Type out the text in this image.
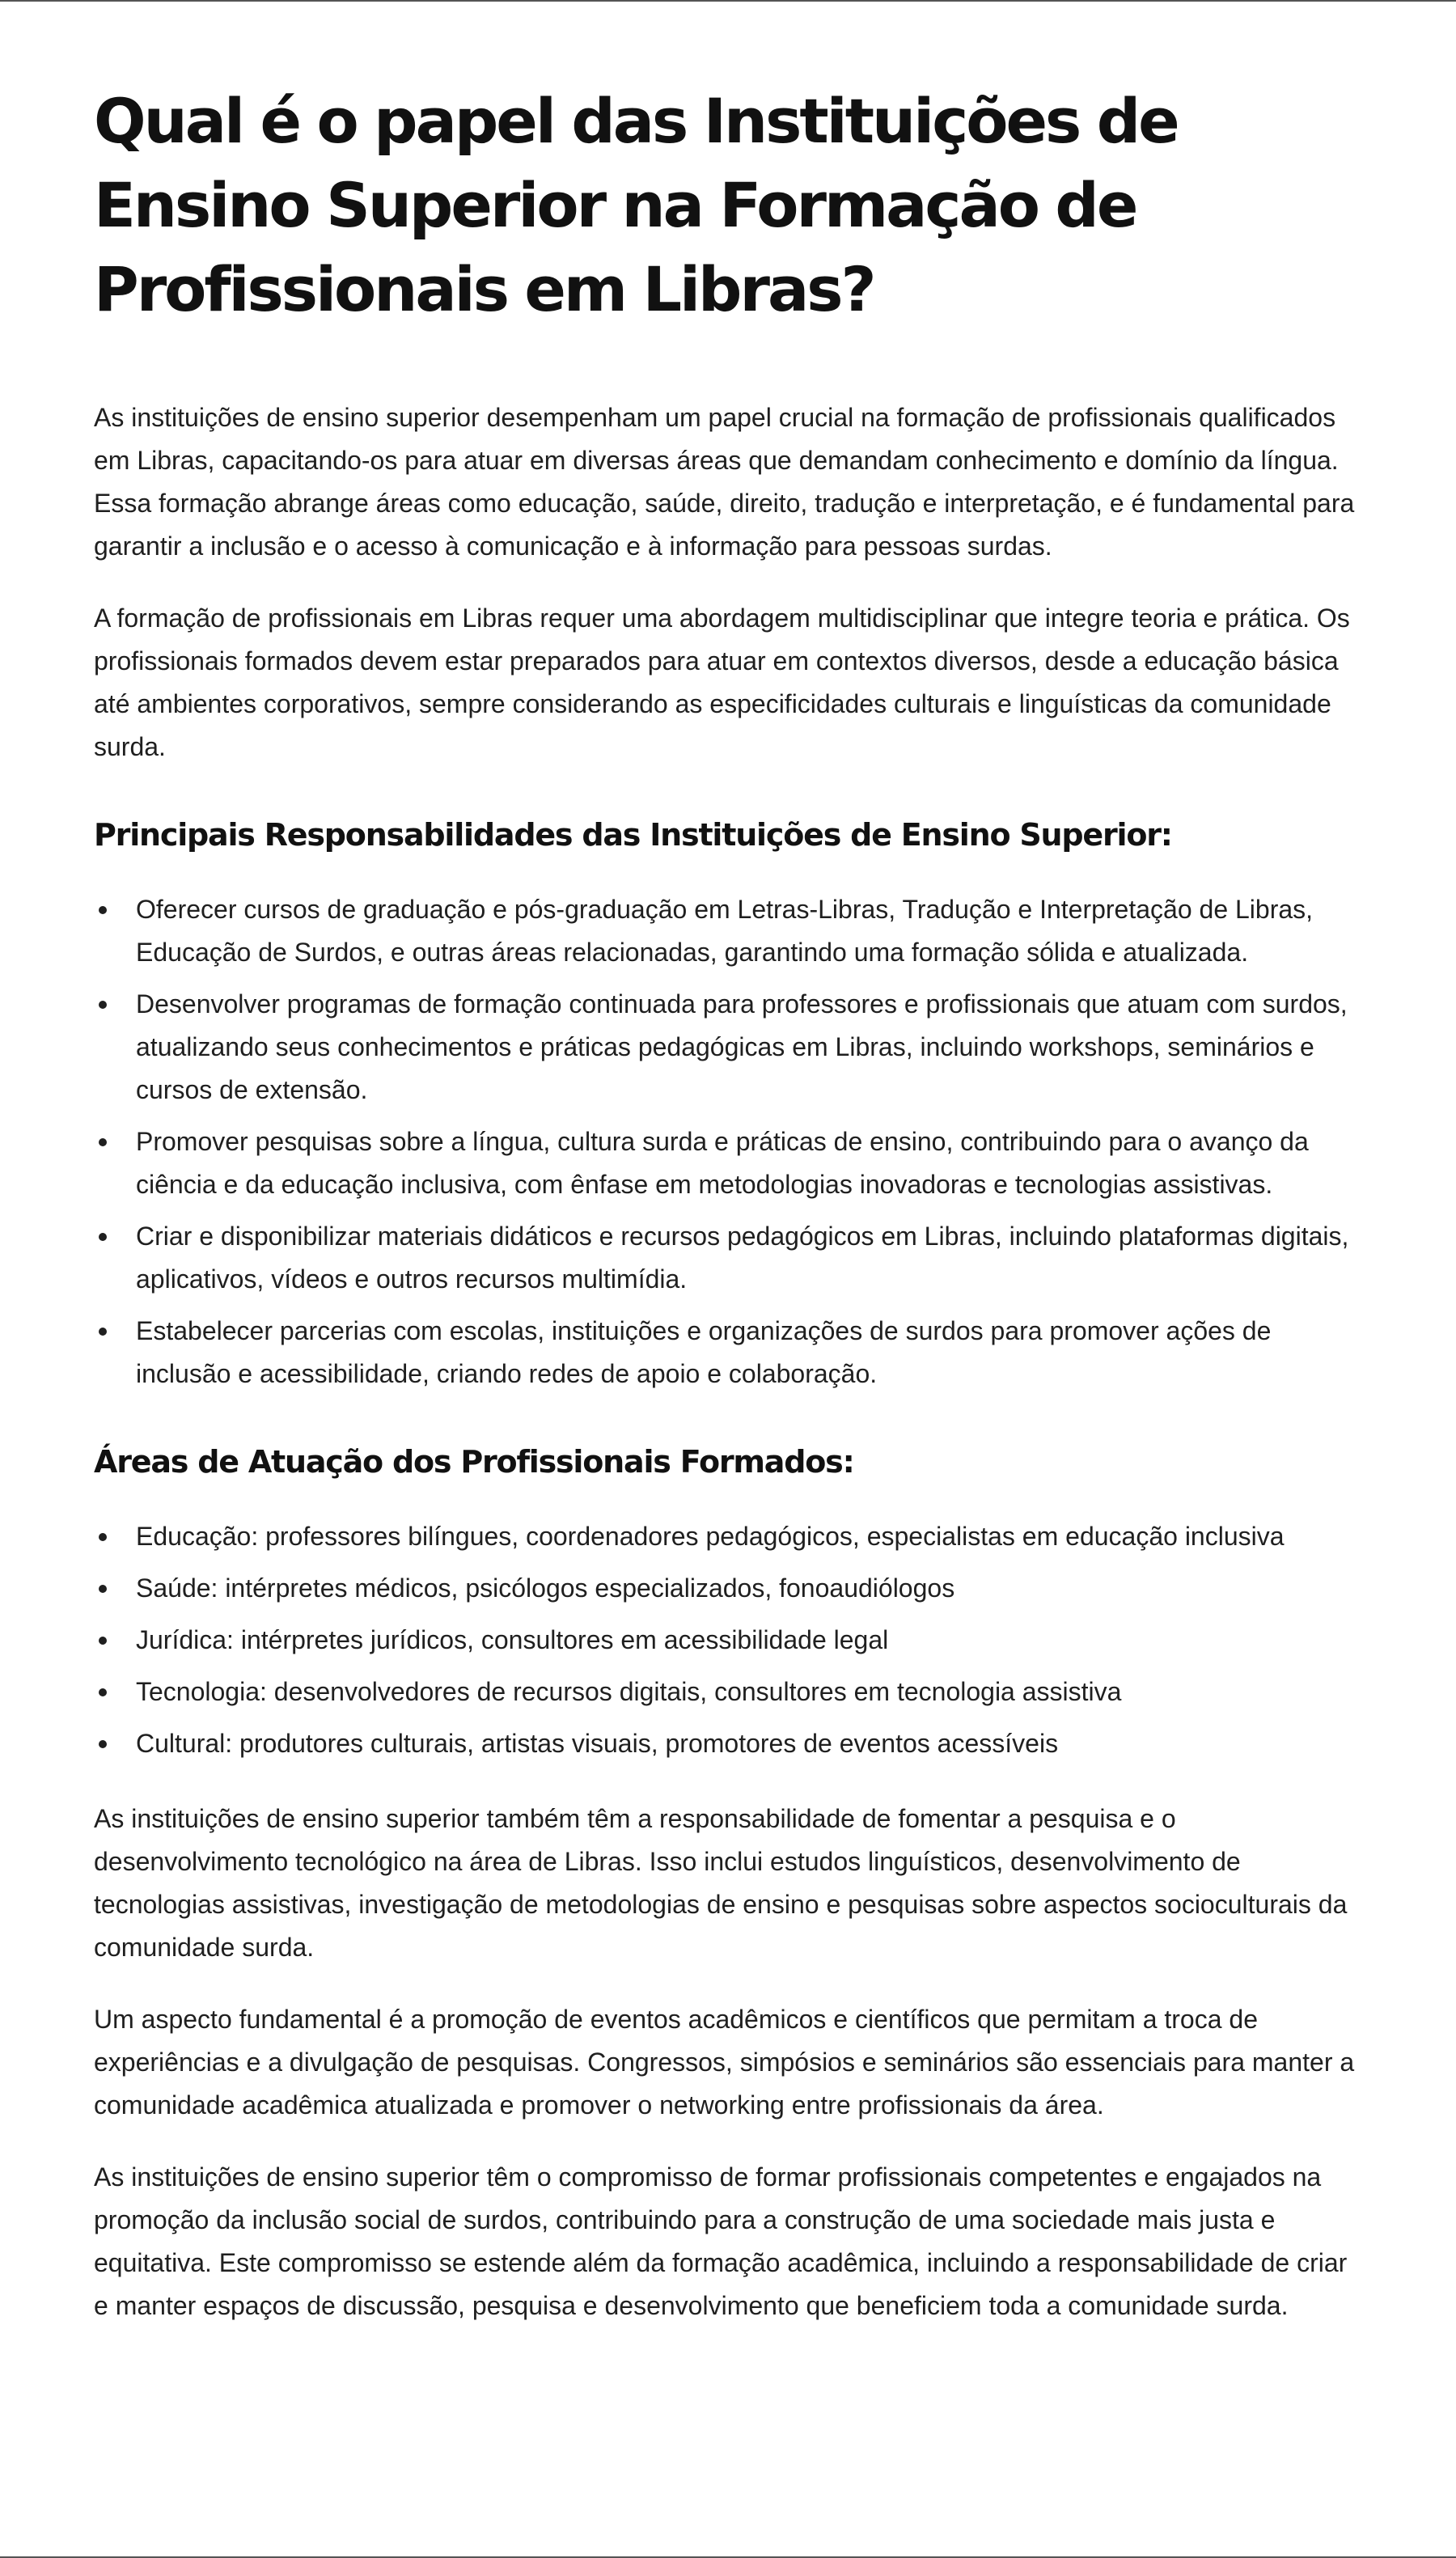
Qual é o papel das Instituições de Ensino Superior na Formação de Profissionais em Libras?

As instituições de ensino superior desempenham um papel crucial na formação de profissionais qualificados em Libras, capacitando-os para atuar em diversas áreas que demandam conhecimento e domínio da língua. Essa formação abrange áreas como educação, saúde, direito, tradução e interpretação, e é fundamental para garantir a inclusão e o acesso à comunicação e à informação para pessoas surdas.

A formação de profissionais em Libras requer uma abordagem multidisciplinar que integre teoria e prática. Os profissionais formados devem estar preparados para atuar em contextos diversos, desde a educação básica até ambientes corporativos, sempre considerando as especificidades culturais e linguísticas da comunidade surda.

Principais Responsabilidades das Instituições de Ensino Superior:
Oferecer cursos de graduação e pós-graduação em Letras-Libras, Tradução e Interpretação de Libras, Educação de Surdos, e outras áreas relacionadas, garantindo uma formação sólida e atualizada.
Desenvolver programas de formação continuada para professores e profissionais que atuam com surdos, atualizando seus conhecimentos e práticas pedagógicas em Libras, incluindo workshops, seminários e cursos de extensão.
Promover pesquisas sobre a língua, cultura surda e práticas de ensino, contribuindo para o avanço da ciência e da educação inclusiva, com ênfase em metodologias inovadoras e tecnologias assistivas.
Criar e disponibilizar materiais didáticos e recursos pedagógicos em Libras, incluindo plataformas digitais, aplicativos, vídeos e outros recursos multimídia.
Estabelecer parcerias com escolas, instituições e organizações de surdos para promover ações de inclusão e acessibilidade, criando redes de apoio e colaboração.
Áreas de Atuação dos Profissionais Formados:
Educação: professores bilíngues, coordenadores pedagógicos, especialistas em educação inclusiva
Saúde: intérpretes médicos, psicólogos especializados, fonoaudiólogos
Jurídica: intérpretes jurídicos, consultores em acessibilidade legal
Tecnologia: desenvolvedores de recursos digitais, consultores em tecnologia assistiva
Cultural: produtores culturais, artistas visuais, promotores de eventos acessíveis

As instituições de ensino superior também têm a responsabilidade de fomentar a pesquisa e o desenvolvimento tecnológico na área de Libras. Isso inclui estudos linguísticos, desenvolvimento de tecnologias assistivas, investigação de metodologias de ensino e pesquisas sobre aspectos socioculturais da comunidade surda.

Um aspecto fundamental é a promoção de eventos acadêmicos e científicos que permitam a troca de experiências e a divulgação de pesquisas. Congressos, simpósios e seminários são essenciais para manter a comunidade acadêmica atualizada e promover o networking entre profissionais da área.

As instituições de ensino superior têm o compromisso de formar profissionais competentes e engajados na promoção da inclusão social de surdos, contribuindo para a construção de uma sociedade mais justa e equitativa. Este compromisso se estende além da formação acadêmica, incluindo a responsabilidade de criar e manter espaços de discussão, pesquisa e desenvolvimento que beneficiem toda a comunidade surda.
